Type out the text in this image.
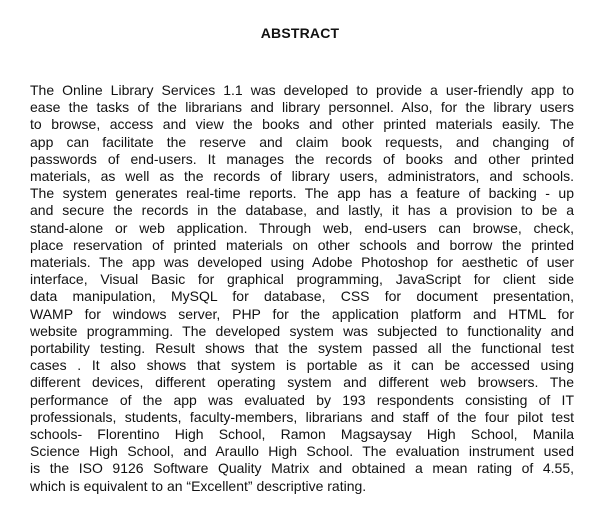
ABSTRACT
The Online Library Services 1.1 was developed to provide a user-friendly app to
ease the tasks of the librarians and library personnel. Also, for the library users
to browse, access and view the books and other printed materials easily. The
app can facilitate the reserve and claim book requests, and changing of
passwords of end-users. It manages the records of books and other printed
materials, as well as the records of library users, administrators, and schools.
The system generates real-time reports. The app has a feature of backing - up
and secure the records in the database, and lastly, it has a provision to be a
stand-alone or web application. Through web, end-users can browse, check,
place reservation of printed materials on other schools and borrow the printed
materials. The app was developed using Adobe Photoshop for aesthetic of user
interface, Visual Basic for graphical programming, JavaScript for client side
data manipulation, MySQL for database, CSS for document presentation,
WAMP for windows server, PHP for the application platform and HTML for
website programming. The developed system was subjected to functionality and
portability testing. Result shows that the system passed all the functional test
cases . It also shows that system is portable as it can be accessed using
different devices, different operating system and different web browsers. The
performance of the app was evaluated by 193 respondents consisting of IT
professionals, students, faculty-members, librarians and staff of the four pilot test
schools- Florentino High School, Ramon Magsaysay High School, Manila
Science High School, and Araullo High School. The evaluation instrument used
is the ISO 9126 Software Quality Matrix and obtained a mean rating of 4.55,
which is equivalent to an “Excellent” descriptive rating.
